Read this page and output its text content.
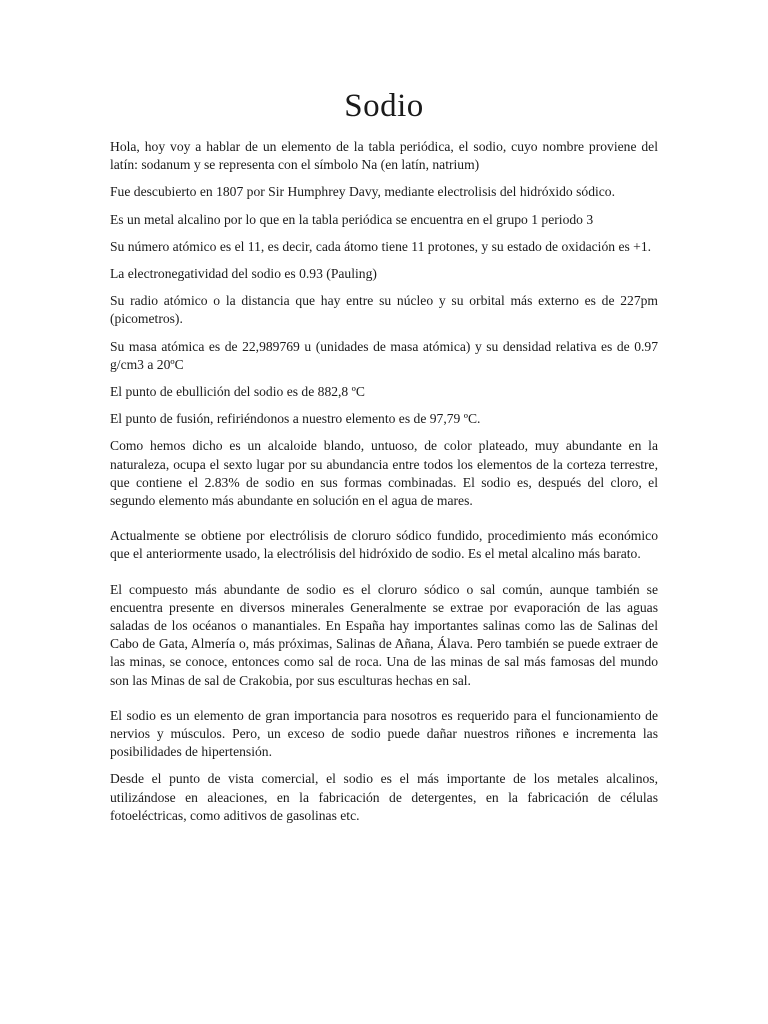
Sodio

Hola, hoy voy a hablar de un elemento de la tabla periódica, el sodio, cuyo nombre proviene del latín: sodanum y se representa con el símbolo Na (en latín, natrium)

Fue descubierto en 1807 por Sir Humphrey Davy, mediante electrolisis del hidróxido sódico.

Es un metal alcalino por lo que en la tabla periódica se encuentra en el grupo 1 periodo 3

Su número atómico es el 11, es decir, cada átomo tiene 11 protones, y su estado de oxidación es +1.

La electronegatividad del sodio es 0.93 (Pauling)

Su radio atómico o la distancia que hay entre su núcleo y su orbital más externo es de 227pm (picometros).

Su masa atómica es de 22,989769 u (unidades de masa atómica) y su densidad relativa es de 0.97 g/cm3 a 20ºC

El punto de ebullición del sodio es de 882,8 ºC

El punto de fusión, refiriéndonos a nuestro elemento es de 97,79 ºC.

Como hemos dicho es un alcaloide blando, untuoso, de color plateado, muy abundante en la naturaleza, ocupa el sexto lugar por su abundancia entre todos los elementos de la corteza terrestre, que contiene el 2.83% de sodio en sus formas combinadas. El sodio es, después del cloro, el segundo elemento más abundante en solución en el agua de mares.

Actualmente se obtiene por electrólisis de cloruro sódico fundido, procedimiento más económico que el anteriormente usado, la electrólisis del hidróxido de sodio. Es el metal alcalino más barato.

El compuesto más abundante de sodio es el cloruro sódico o sal común, aunque también se encuentra presente en diversos minerales Generalmente se extrae por evaporación de las aguas saladas de los océanos o manantiales. En España hay importantes salinas como las de Salinas del Cabo de Gata, Almería o, más próximas, Salinas de Añana, Álava. Pero también se puede extraer de las minas, se conoce, entonces como sal de roca. Una de las minas de sal más famosas del mundo son las Minas de sal de Crakobia, por sus esculturas hechas en sal.

El sodio es un elemento de gran importancia para nosotros es requerido para el funcionamiento de nervios y músculos. Pero, un exceso de sodio puede dañar nuestros riñones e incrementa las posibilidades de hipertensión.

Desde el punto de vista comercial, el sodio es el más importante de los metales alcalinos, utilizándose en aleaciones, en la fabricación de detergentes, en la fabricación de células fotoeléctricas, como aditivos de gasolinas etc.
